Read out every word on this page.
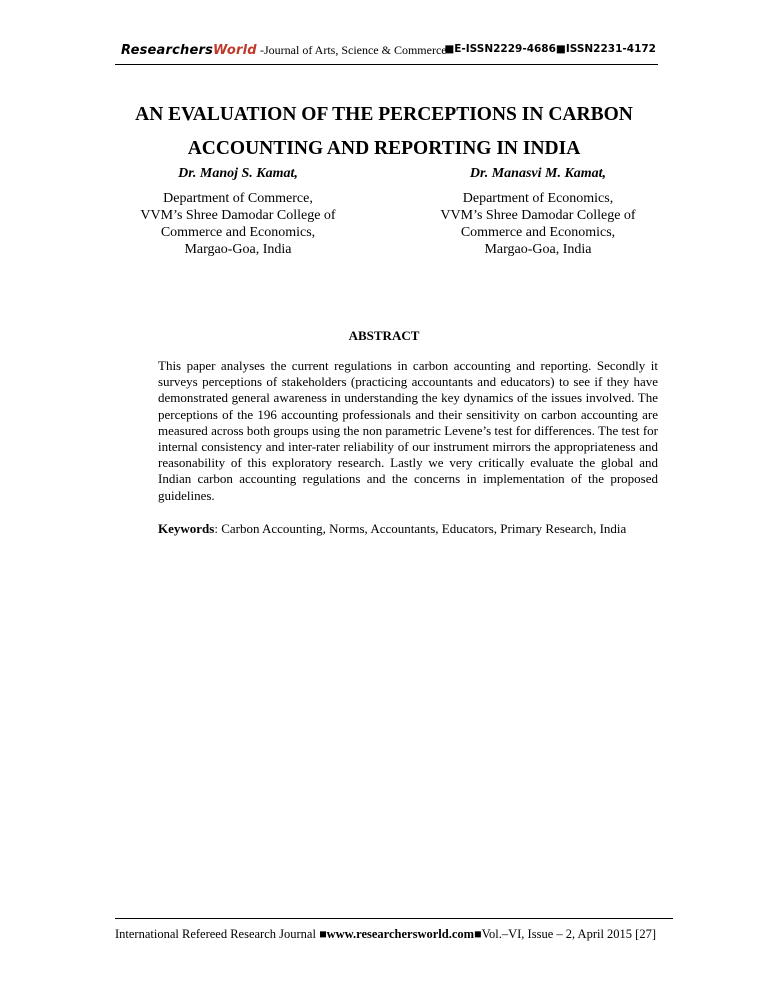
ResearchersWorld -Journal of Arts, Science & Commerce
■E-ISSN2229-4686■ISSN2231-4172
AN EVALUATION OF THE PERCEPTIONS IN CARBON ACCOUNTING AND REPORTING IN INDIA
Dr. Manoj S. Kamat,
Department of Commerce,
VVM’s Shree Damodar College of
Commerce and Economics,
Margao-Goa, India
Dr. Manasvi M. Kamat,
Department of Economics,
VVM’s Shree Damodar College of
Commerce and Economics,
Margao-Goa, India
ABSTRACT
This paper analyses the current regulations in carbon accounting and reporting. Secondly it surveys perceptions of stakeholders (practicing accountants and educators) to see if they have demonstrated general awareness in understanding the key dynamics of the issues involved. The perceptions of the 196 accounting professionals and their sensitivity on carbon accounting are measured across both groups using the non parametric Levene’s test for differences. The test for internal consistency and inter-rater reliability of our instrument mirrors the appropriateness and reasonability of this exploratory research. Lastly we very critically evaluate the global and Indian carbon accounting regulations and the concerns in implementation of the proposed guidelines.
Keywords: Carbon Accounting, Norms, Accountants, Educators, Primary Research, India
International Refereed Research Journal ■www.researchersworld.com■Vol.–VI, Issue – 2, April 2015 [27]
